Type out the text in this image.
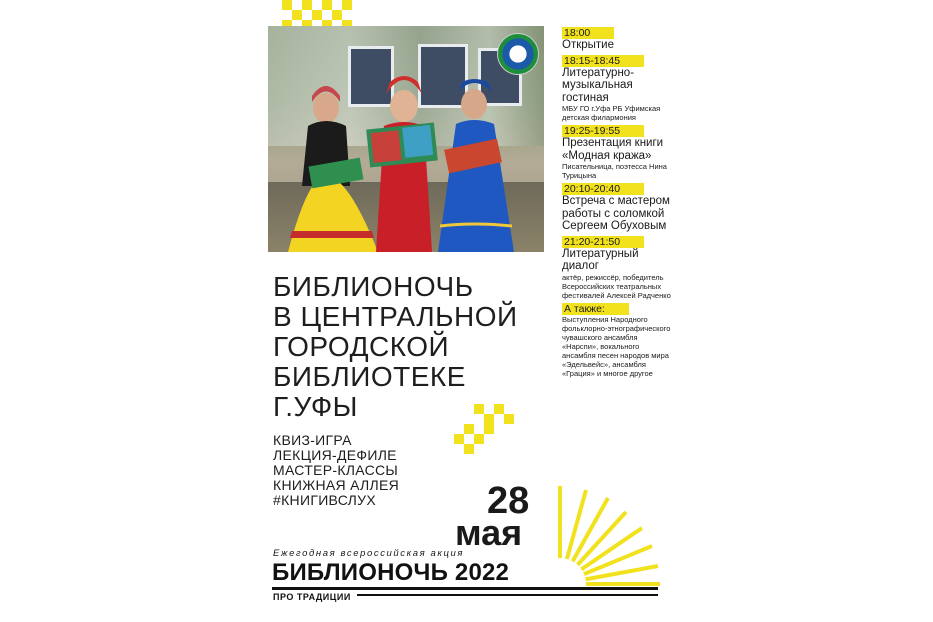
18:00
Открытие
18:15-18:45
Литературно-музыкальная гостиная
МБУ ГО г.Уфа РБ Уфимская детская филармония
19:25-19:55
Презентация книги «Модная кража»
Писательница, поэтесса Нина Турицына
20:10-20:40
Встреча с мастером работы с соломкой Сергеем Обуховым
21:20-21:50
Литературный диалог
актёр, режиссёр, победитель Всероссийских театральных фестивалей Алексей Радченко
А также:
Выступления Народного фольклорно-этнографического чувашского ансамбля «Нарспи», вокального ансамбля песен народов мира «Эдельвейс», ансамбля «Грация» и многое другое
БИБЛИОНОЧЬ
В ЦЕНТРАЛЬНОЙ
ГОРОДСКОЙ
БИБЛИОТЕКЕ
Г.УФЫ
КВИЗ-ИГРА
ЛЕКЦИЯ-ДЕФИЛЕ
МАСТЕР-КЛАССЫ
КНИЖНАЯ АЛЛЕЯ
#КНИГИВСЛУХ	28
мая
Ежегодная всероссийская акция
БИБЛИОНОЧЬ 2022
ПРО ТРАДИЦИИ
